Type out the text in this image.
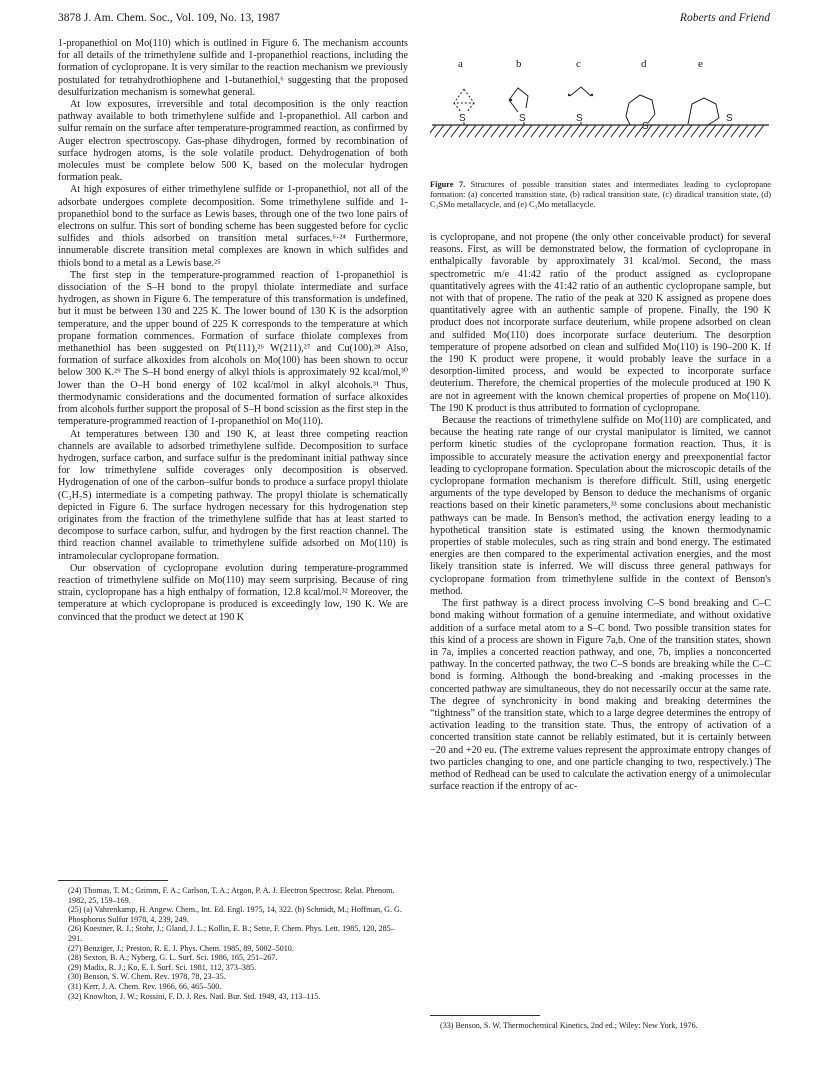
3878 J. Am. Chem. Soc., Vol. 109, No. 13, 1987	Roberts and Friend

1-propanethiol on Mo(110) which is outlined in Figure 6. The mechanism accounts for all details of the trimethylene sulfide and 1-propanethiol reactions, including the formation of cyclopropane. It is very similar to the reaction mechanism we previously postulated for tetrahydrothiophene and 1-butanethiol,⁶ suggesting that the proposed desulfurization mechanism is somewhat general.

At low exposures, irreversible and total decomposition is the only reaction pathway available to both trimethylene sulfide and 1-propanethiol. All carbon and sulfur remain on the surface after temperature-programmed reaction, as confirmed by Auger electron spectroscopy. Gas-phase dihydrogen, formed by recombination of surface hydrogen atoms, is the sole volatile product. Dehydrogenation of both molecules must be complete below 500 K, based on the molecular hydrogen formation peak.

At high exposures of either trimethylene sulfide or 1-propanethiol, not all of the adsorbate undergoes complete decomposition. Some trimethylene sulfide and 1-propanethiol bond to the surface as Lewis bases, through one of the two lone pairs of electrons on sulfur. This sort of bonding scheme has been suggested before for cyclic sulfides and thiols adsorbed on transition metal surfaces.⁶·²⁴ Furthermore, innumerable discrete transition metal complexes are known in which sulfides and thiols bond to a metal as a Lewis base.²⁵

The first step in the temperature-programmed reaction of 1-propanethiol is dissociation of the S–H bond to the propyl thiolate intermediate and surface hydrogen, as shown in Figure 6. The temperature of this transformation is undefined, but it must be between 130 and 225 K. The lower bound of 130 K is the adsorption temperature, and the upper bound of 225 K corresponds to the temperature at which propane formation commences. Formation of surface thiolate complexes from methanethiol has been suggested on Pt(111),²⁶ W(211),²⁷ and Cu(100).²⁸ Also, formation of surface alkoxides from alcohols on Mo(100) has been shown to occur below 300 K.²⁹ The S–H bond energy of alkyl thiols is approximately 92 kcal/mol,³⁰ lower than the O–H bond energy of 102 kcal/mol in alkyl alcohols.³¹ Thus, thermodynamic considerations and the documented formation of surface alkoxides from alcohols further support the proposal of S–H bond scission as the first step in the temperature-programmed reaction of 1-propanethiol on Mo(110).

At temperatures between 130 and 190 K, at least three competing reaction channels are available to adsorbed trimethylene sulfide. Decomposition to surface hydrogen, surface carbon, and surface sulfur is the predominant initial pathway since for low trimethylene sulfide coverages only decomposition is observed. Hydrogenation of one of the carbon–sulfur bonds to produce a surface propyl thiolate (C₃H₇S) intermediate is a competing pathway. The propyl thiolate is schematically depicted in Figure 6. The surface hydrogen necessary for this hydrogenation step originates from the fraction of the trimethylene sulfide that has at least started to decompose to surface carbon, sulfur, and hydrogen by the first reaction channel. The third reaction channel available to trimethylene sulfide adsorbed on Mo(110) is intramolecular cyclopropane formation.

Our observation of cyclopropane evolution during temperature-programmed reaction of trimethylene sulfide on Mo(110) may seem surprising. Because of ring strain, cyclopropane has a high enthalpy of formation, 12.8 kcal/mol.³² Moreover, the temperature at which cyclopropane is produced is exceedingly low, 190 K. We are convinced that the product we detect at 190 K

a	b	c	d	e
S	S	S
S
S
Figure 7. Structures of possible transition states and intermediates leading to cyclopropane formation: (a) concerted transition state, (b) radical transition state, (c) diradical transition state, (d) C₃SMo metallacycle, and (e) C₃Mo metallacycle.

is cyclopropane, and not propene (the only other conceivable product) for several reasons. First, as will be demonstrated below, the formation of cyclopropane in enthalpically favorable by approximately 31 kcal/mol. Second, the mass spectrometric m/e 41:42 ratio of the product assigned as cyclopropane quantitatively agrees with the 41:42 ratio of an authentic cyclopropane sample, but not with that of propene. The ratio of the peak at 320 K assigned as propene does quantitatively agree with an authentic sample of propene. Finally, the 190 K product does not incorporate surface deuterium, while propene adsorbed on clean and sulfided Mo(110) does incorporate surface deuterium. The desorption temperature of propene adsorbed on clean and sulfided Mo(110) is 190–200 K. If the 190 K product were propene, it would probably leave the surface in a desorption-limited process, and would be expected to incorporate surface deuterium. Therefore, the chemical properties of the molecule produced at 190 K are not in agreement with the known chemical properties of propene on Mo(110). The 190 K product is thus attributed to formation of cyclopropane.

Because the reactions of trimethylene sulfide on Mo(110) are complicated, and because the heating rate range of our crystal manipulator is limited, we cannot perform kinetic studies of the cyclopropane formation reaction. Thus, it is impossible to accurately measure the activation energy and preexponential factor leading to cyclopropane formation. Speculation about the microscopic details of the cyclopropane formation mechanism is therefore difficult. Still, using energetic arguments of the type developed by Benson to deduce the mechanisms of organic reactions based on their kinetic parameters,³³ some conclusions about mechanistic pathways can be made. In Benson's method, the activation energy leading to a hypothetical transition state is estimated using the known thermodynamic properties of stable molecules, such as ring strain and bond energy. The estimated energies are then compared to the experimental activation energies, and the most likely transition state is inferred. We will discuss three general pathways for cyclopropane formation from trimethylene sulfide in the context of Benson's method.

The first pathway is a direct process involving C–S bond breaking and C–C bond making without formation of a genuine intermediate, and without oxidative addition of a surface metal atom to a S–C bond. Two possible transition states for this kind of a process are shown in Figure 7a,b. One of the transition states, shown in 7a, implies a concerted reaction pathway, and one, 7b, implies a nonconcerted pathway. In the concerted pathway, the two C–S bonds are breaking while the C–C bond is forming. Although the bond-breaking and -making processes in the concerted pathway are simultaneous, they do not necessarily occur at the same rate. The degree of synchronicity in bond making and breaking determines the “tightness” of the transition state, which to a large degree determines the entropy of activation leading to the transition state. Thus, the entropy of activation of a concerted transition state cannot be reliably estimated, but it is certainly between −20 and +20 eu. (The extreme values represent the approximate entropy changes of two particles changing to one, and one particle changing to two, respectively.) The method of Redhead can be used to calculate the activation energy of a unimolecular surface reaction if the entropy of ac-

(24) Thomas, T. M.; Grimm, F. A.; Carlson, T. A.; Argon, P. A. J. Electron Spectrosc. Relat. Phenom. 1982, 25, 159–169.

(25) (a) Vahrenkamp, H. Angew. Chem., Int. Ed. Engl. 1975, 14, 322. (b) Schmidt, M.; Hoffman, G. G. Phosphorus Sulfur 1978, 4, 239, 249.

(26) Koestner, R. J.; Stohr, J.; Gland, J. L.; Kollin, E. B.; Sette, F. Chem. Phys. Lett. 1985, 120, 285–291.

(27) Benziger, J.; Preston, R. E. J. Phys. Chem. 1985, 89, 5002–5010.

(28) Sexton, B. A.; Nyberg, G. L. Surf. Sci. 1986, 165, 251–267.

(29) Madix, R. J.; Ko, E. I. Surf. Sci. 1981, 112, 373–385.

(30) Benson, S. W. Chem. Rev. 1978, 78, 23–35.

(31) Kerr, J. A. Chem. Rev. 1966, 66, 465–500.

(32) Knowlton, J. W.; Rossini, F. D. J. Res. Natl. Bur. Std. 1949, 43, 113–115.

(33) Benson, S. W. Thermochemical Kinetics, 2nd ed.; Wiley: New York, 1976.
